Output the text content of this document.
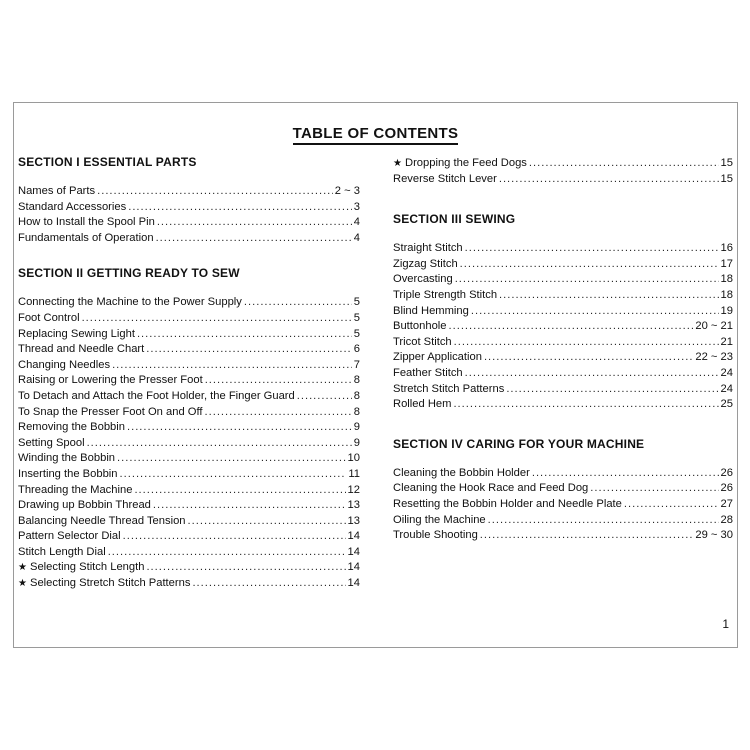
TABLE OF CONTENTS
SECTION I ESSENTIAL PARTS
Names of Parts .....	2 ~ 3
Standard Accessories .....	3
How to Install the Spool Pin .....	4
Fundamentals of Operation .....	4
SECTION II GETTING READY TO SEW
Connecting the Machine to the Power Supply .....	5
Foot Control .....	5
Replacing Sewing Light .....	5
Thread and Needle Chart .....	6
Changing Needles .....	7
Raising or Lowering the Presser Foot .....	8
To Detach and Attach the Foot Holder, the Finger Guard .....	8
To Snap the Presser Foot On and Off .....	8
Removing the Bobbin .....	9
Setting Spool .....	9
Winding the Bobbin .....	10
Inserting the Bobbin .....	11
Threading the Machine .....	12
Drawing up Bobbin Thread .....	13
Balancing Needle Thread Tension .....	13
Pattern Selector Dial .....	14
Stitch Length Dial .....	14
★ Selecting Stitch Length .....	14
★ Selecting Stretch Stitch Patterns .....	14
★ Dropping the Feed Dogs .....	15
Reverse Stitch Lever .....	15
SECTION III SEWING
Straight Stitch .....	16
Zigzag Stitch .....	17
Overcasting .....	18
Triple Strength Stitch .....	18
Blind Hemming .....	19
Buttonhole .....	20 ~ 21
Tricot Stitch .....	21
Zipper Application .....	22 ~ 23
Feather Stitch .....	24
Stretch Stitch Patterns .....	24
Rolled Hem .....	25
SECTION IV CARING FOR YOUR MACHINE
Cleaning the Bobbin Holder .....	26
Cleaning the Hook Race and Feed Dog .....	26
Resetting the Bobbin Holder and Needle Plate .....	27
Oiling the Machine .....	28
Trouble Shooting .....	29 ~ 30
1
